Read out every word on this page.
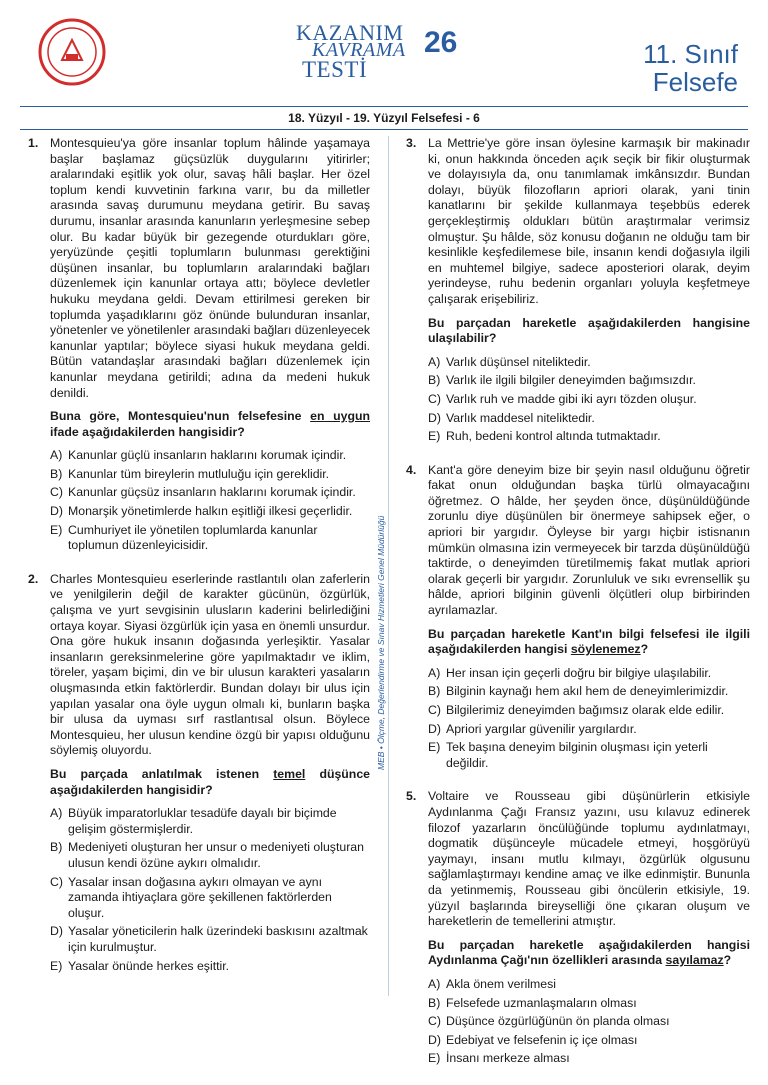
KAZANIM
KAVRAMA
TESTİ
26	11. Sınıf
Felsefe
18. Yüzyıl - 19. Yüzyıl Felsefesi - 6
MEB • Ölçme, Değerlendirme ve Sınav Hizmetleri Genel Müdürlüğü
1. Montesquieu'ya göre insanlar toplum hâlinde yaşamaya başlar başlamaz güçsüzlük duygularını yitirirler; aralarındaki eşitlik yok olur, savaş hâli başlar. Her özel toplum kendi kuvvetinin farkına varır, bu da milletler arasında savaş durumunu meydana getirir. Bu savaş durumu, insanlar arasında kanunların yerleşmesine sebep olur. Bu kadar büyük bir gezegende oturdukları göre, yeryüzünde çeşitli toplumların bulunması gerektiğini düşünen insanlar, bu toplumların aralarındaki bağları düzenlemek için kanunlar ortaya attı; böylece devletler hukuku meydana geldi. Devam ettirilmesi gereken bir toplumda yaşadıklarını göz önünde bulunduran insanlar, yönetenler ve yönetilenler arasındaki bağları düzenleyecek kanunlar yaptılar; böylece siyasi hukuk meydana geldi. Bütün vatandaşlar arasındaki bağları düzenlemek için kanunlar meydana getirildi; adına da medeni hukuk denildi.

Buna göre, Montesquieu'nun felsefesine en uygun ifade aşağıdakilerden hangisidir?

A) Kanunlar güçlü insanların haklarını korumak içindir.
B) Kanunlar tüm bireylerin mutluluğu için gereklidir.
C) Kanunlar güçsüz insanların haklarını korumak içindir.
D) Monarşik yönetimlerde halkın eşitliği ilkesi geçerlidir.
E) Cumhuriyet ile yönetilen toplumlarda kanunlar toplumun düzenleyicisidir.
2. Charles Montesquieu eserlerinde rastlantılı olan zaferlerin ve yenilgilerin değil de karakter gücünün, özgürlük, çalışma ve yurt sevgisinin ulusların kaderini belirlediğini ortaya koyar. Siyasi özgürlük için yasa en önemli unsurdur. Ona göre hukuk insanın doğasında yerleşiktir. Yasalar insanların gereksinmelerine göre yapılmaktadır ve iklim, töreler, yaşam biçimi, din ve bir ulusun karakteri yasaların oluşmasında etkin faktörlerdir. Bundan dolayı bir ulus için yapılan yasalar ona öyle uygun olmalı ki, bunların başka bir ulusa da uyması sırf rastlantısal olsun. Böylece Montesquieu, her ulusun kendine özgü bir yapısı olduğunu söylemiş oluyordu.

Bu parçada anlatılmak istenen temel düşünce aşağıdakilerden hangisidir?

A) Büyük imparatorluklar tesadüfe dayalı bir biçimde gelişim göstermişlerdir.
B) Medeniyeti oluşturan her unsur o medeniyeti oluşturan ulusun kendi özüne aykırı olmalıdır.
C) Yasalar insan doğasına aykırı olmayan ve aynı zamanda ihtiyaçlara göre şekillenen faktörlerden oluşur.
D) Yasalar yöneticilerin halk üzerindeki baskısını azaltmak için kurulmuştur.
E) Yasalar önünde herkes eşittir.
3. La Mettrie'ye göre insan öylesine karmaşık bir makinadır ki, onun hakkında önceden açık seçik bir fikir oluşturmak ve dolayısıyla da, onu tanımlamak imkânsızdır. Bundan dolayı, büyük filozofların apriori olarak, yani tinin kanatlarını bir şekilde kullanmaya teşebbüs ederek gerçekleştirmiş oldukları bütün araştırmalar verimsiz olmuştur. Şu hâlde, söz konusu doğanın ne olduğu tam bir kesinlikle keşfedilemese bile, insanın kendi doğasıyla ilgili en muhtemel bilgiye, sadece aposteriori olarak, deyim yerindeyse, ruhu bedenin organları yoluyla keşfetmeye çalışarak erişebiliriz.

Bu parçadan hareketle aşağıdakilerden hangisine ulaşılabilir?

A) Varlık düşünsel niteliktedir.
B) Varlık ile ilgili bilgiler deneyimden bağımsızdır.
C) Varlık ruh ve madde gibi iki ayrı tözden oluşur.
D) Varlık maddesel niteliktedir.
E) Ruh, bedeni kontrol altında tutmaktadır.
4. Kant'a göre deneyim bize bir şeyin nasıl olduğunu öğretir fakat onun olduğundan başka türlü olmayacağını öğretmez. O hâlde, her şeyden önce, düşünüldüğünde zorunlu diye düşünülen bir önermeye sahipsek eğer, o apriori bir yargıdır. Öyleyse bir yargı hiçbir istisnanın mümkün olmasına izin vermeyecek bir tarzda düşünüldüğü taktirde, o deneyimden türetilmemiş fakat mutlak apriori olarak geçerli bir yargıdır. Zorunluluk ve sıkı evrensellik şu hâlde, apriori bilginin güvenli ölçütleri olup birbirinden ayrılamazlar.

Bu parçadan hareketle Kant'ın bilgi felsefesi ile ilgili aşağıdakilerden hangisi söylenemez?

A) Her insan için geçerli doğru bir bilgiye ulaşılabilir.
B) Bilginin kaynağı hem akıl hem de deneyimlerimizdir.
C) Bilgilerimiz deneyimden bağımsız olarak elde edilir.
D) Apriori yargılar güvenilir yargılardır.
E) Tek başına deneyim bilginin oluşması için yeterli değildir.
5. Voltaire ve Rousseau gibi düşünürlerin etkisiyle Aydınlanma Çağı Fransız yazını, usu kılavuz edinerek filozof yazarların öncülüğünde toplumu aydınlatmayı, dogmatik düşünceyle mücadele etmeyi, hoşgörüyü yaymayı, insanı mutlu kılmayı, özgürlük olgusunu sağlamlaştırmayı kendine amaç ve ilke edinmiştir. Bununla da yetinmemiş, Rousseau gibi öncülerin etkisiyle, 19. yüzyıl başlarında bireyselliği öne çıkaran oluşum ve hareketlerin de temellerini atmıştır.

Bu parçadan hareketle aşağıdakilerden hangisi Aydınlanma Çağı'nın özellikleri arasında sayılamaz?

A) Akla önem verilmesi
B) Felsefede uzmanlaşmaların olması
C) Düşünce özgürlüğünün ön planda olması
D) Edebiyat ve felsefenin iç içe olması
E) İnsanı merkeze alması
